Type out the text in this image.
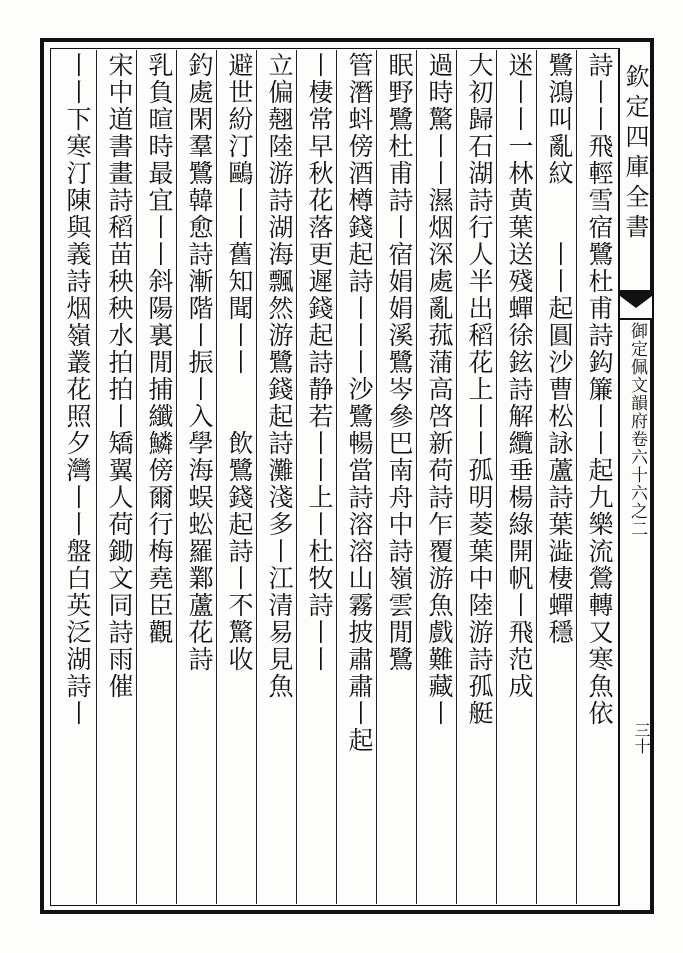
詩丨丨飛輕雪宿鷺杜甫詩鈎簾丨丨起九樂流鶯轉又寒魚依
鷺鴻叫亂紋　　丨丨起圓沙曹松詠蘆詩葉澁棲蟬穩
迷丨丨一林黄葉送殘蟬徐鉉詩解纜垂楊綠開帆丨飛范成
大初歸石湖詩行人半出稻花上丨丨孤明菱葉中陸游詩孤艇
過時驚丨丨濕烟深處亂菰蒲高啓新荷詩乍覆游魚戲難藏丨
眠野鷺杜甫詩丨宿娟娟溪鷺岑參巴南舟中詩嶺雲閒鷺
管潛蚪傍酒樽錢起詩丨丨丨沙鷺暢當詩溶溶山霧披肅肅丨起
丨棲常早秋花落更遲錢起詩静若丨丨上丨杜牧詩丨丨
立偏翹陸游詩湖海飄然游鷺錢起詩灘淺多丨江清易見魚
避世紛汀鷗丨丨舊知聞丨丨　　飲鷺錢起詩丨不驚收
釣處閑羣鷺韓愈詩漸階丨振丨入學海蜈蚣羅鄴蘆花詩
乳負暄時最宜丨丨斜陽裏閒捕纖鱗傍爾行梅堯臣觀
宋中道書畫詩稻苗秧秧水拍拍丨矯翼人荷鋤文同詩雨催
丨丨下寒汀陳與義詩烟嶺叢花照夕灣丨丨盤白英泛湖詩丨	欽定四庫全書
御定佩文韻府卷六十六之二
三十
